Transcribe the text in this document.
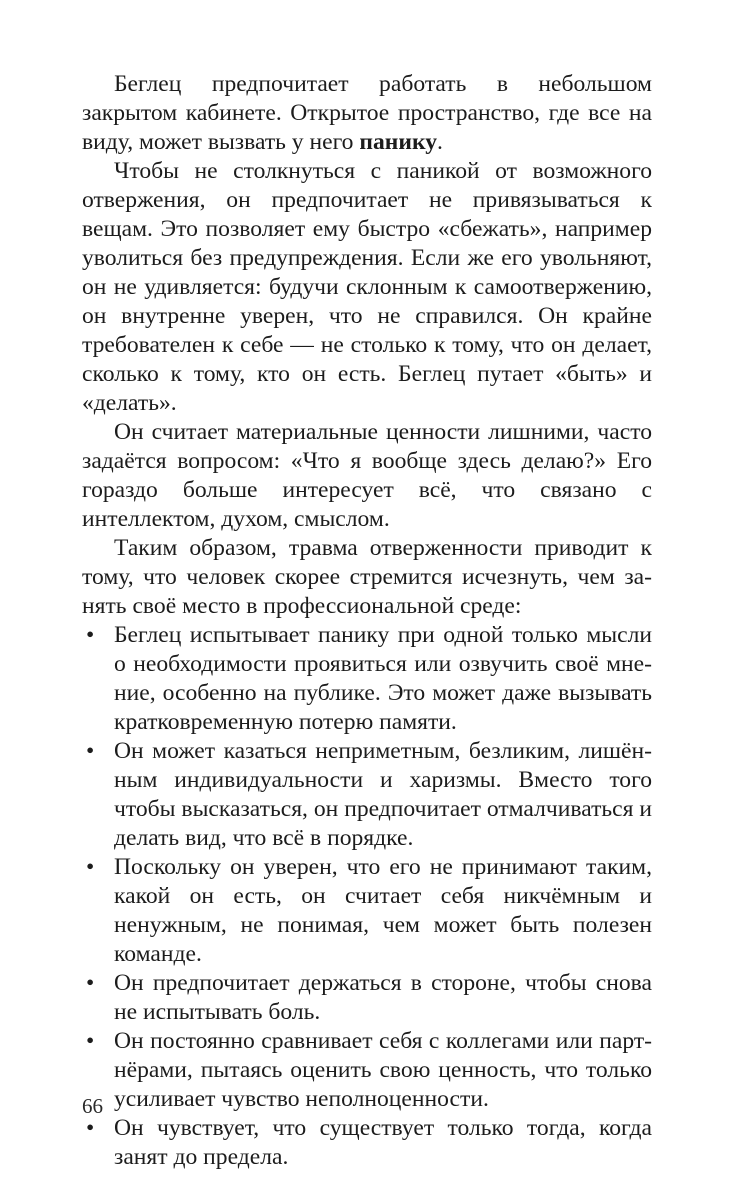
Беглец предпочитает работать в небольшом закрытом кабинете. Открытое пространство, где все на виду, может вызвать у него панику.

Чтобы не столкнуться с паникой от возможного отвержения, он предпочитает не привязываться к вещам. Это позволяет ему быстро «сбежать», например уволиться без предупреждения. Если же его увольняют, он не удивляется: будучи склонным к самоотвержению, он внутренне уверен, что не справился. Он крайне требователен к себе — не столько к тому, что он делает, сколько к тому, кто он есть. Беглец путает «быть» и «делать».

Он считает материальные ценности лишними, часто задаётся вопросом: «Что я вообще здесь делаю?» Его гораздо больше интересует всё, что связано с интеллектом, духом, смыслом.

Таким образом, травма отверженности приводит к тому, что человек скорее стремится исчезнуть, чем занять своё место в профессиональной среде:

• Беглец испытывает панику при одной только мысли о необходимости проявиться или озвучить своё мнение, особенно на публике. Это может даже вызывать кратковременную потерю памяти.
• Он может казаться неприметным, безликим, лишённым индивидуальности и харизмы. Вместо того чтобы высказаться, он предпочитает отмалчиваться и делать вид, что всё в порядке.
• Поскольку он уверен, что его не принимают таким, какой он есть, он считает себя никчёмным и ненужным, не понимая, чем может быть полезен команде.
• Он предпочитает держаться в стороне, чтобы снова не испытывать боль.
• Он постоянно сравнивает себя с коллегами или партнёрами, пытаясь оценить свою ценность, что только усиливает чувство неполноценности.
• Он чувствует, что существует только тогда, когда занят до предела.
66
